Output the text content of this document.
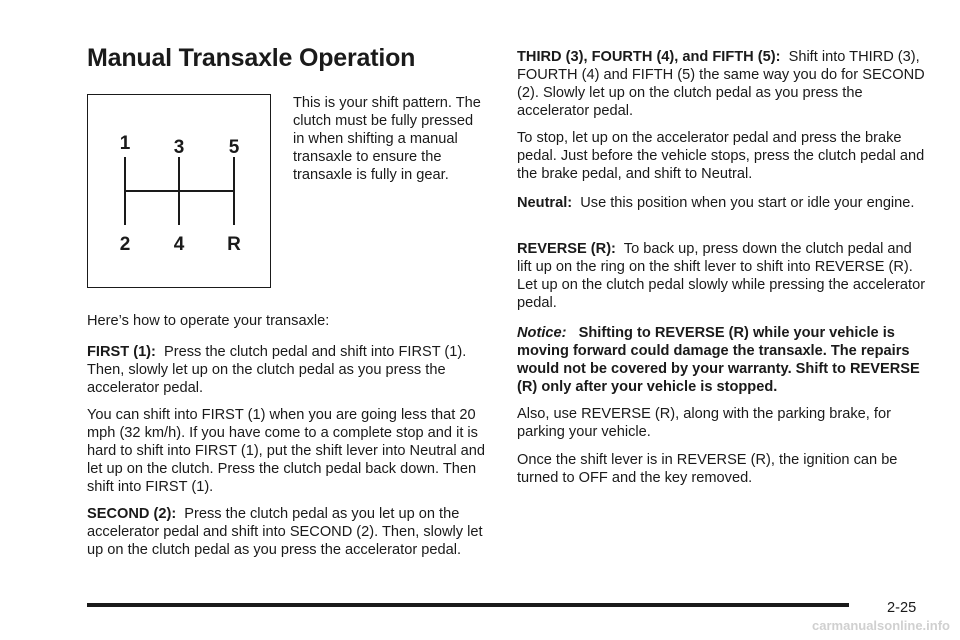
Manual Transaxle Operation
1 3 5
2 4 R

This is your shift pattern. The clutch must be fully pressed in when shifting a manual transaxle to ensure the transaxle is fully in gear.

Here’s how to operate your transaxle:

FIRST (1): Press the clutch pedal and shift into FIRST (1). Then, slowly let up on the clutch pedal as you press the accelerator pedal.

You can shift into FIRST (1) when you are going less that 20 mph (32 km/h). If you have come to a complete stop and it is hard to shift into FIRST (1), put the shift lever into Neutral and let up on the clutch. Press the clutch pedal back down. Then shift into FIRST (1).

SECOND (2): Press the clutch pedal as you let up on the accelerator pedal and shift into SECOND (2). Then, slowly let up on the clutch pedal as you press the accelerator pedal.

THIRD (3), FOURTH (4), and FIFTH (5): Shift into THIRD (3), FOURTH (4) and FIFTH (5) the same way you do for SECOND (2). Slowly let up on the clutch pedal as you press the accelerator pedal.

To stop, let up on the accelerator pedal and press the brake pedal. Just before the vehicle stops, press the clutch pedal and the brake pedal, and shift to Neutral.

Neutral: Use this position when you start or idle your engine.

REVERSE (R): To back up, press down the clutch pedal and lift up on the ring on the shift lever to shift into REVERSE (R). Let up on the clutch pedal slowly while pressing the accelerator pedal.

Notice: Shifting to REVERSE (R) while your vehicle is moving forward could damage the transaxle. The repairs would not be covered by your warranty. Shift to REVERSE (R) only after your vehicle is stopped.

Also, use REVERSE (R), along with the parking brake, for parking your vehicle.

Once the shift lever is in REVERSE (R), the ignition can be turned to OFF and the key removed.

2-25
carmanualsonline.info
